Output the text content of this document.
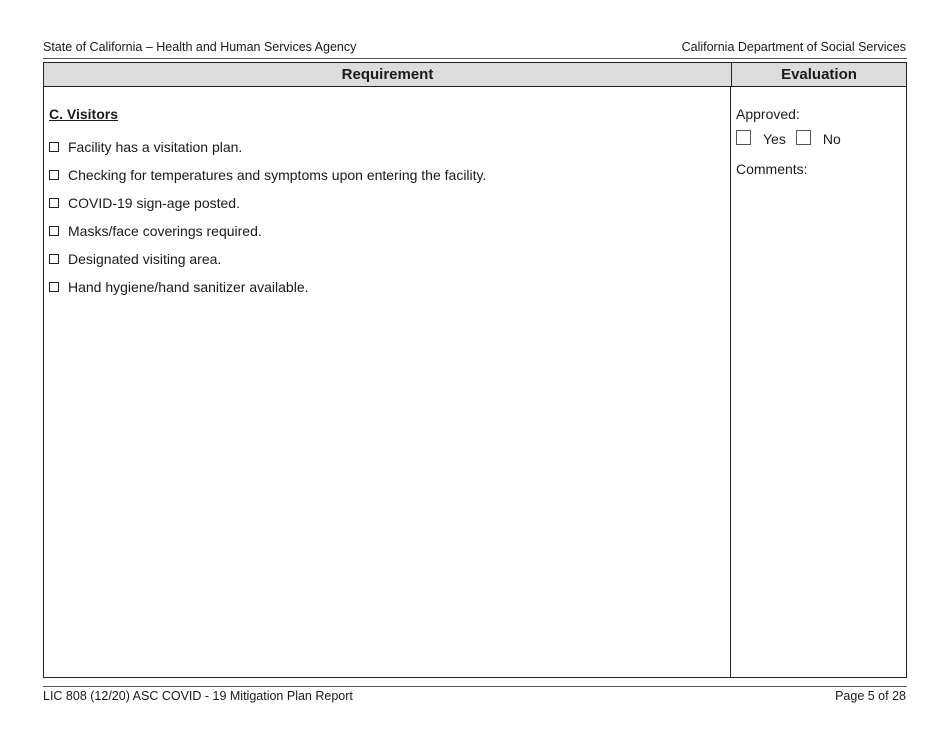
State of California – Health and Human Services Agency	California Department of Social Services
Requirement	Evaluation
C. Visitors
Facility has a visitation plan.
Checking for temperatures and symptoms upon entering the facility.
COVID-19 sign-age posted.
Masks/face coverings required.
Designated visiting area.
Hand hygiene/hand sanitizer available.
Approved:
Yes	No
Comments:
LIC 808 (12/20) ASC COVID - 19 Mitigation Plan Report	Page 5 of 28
